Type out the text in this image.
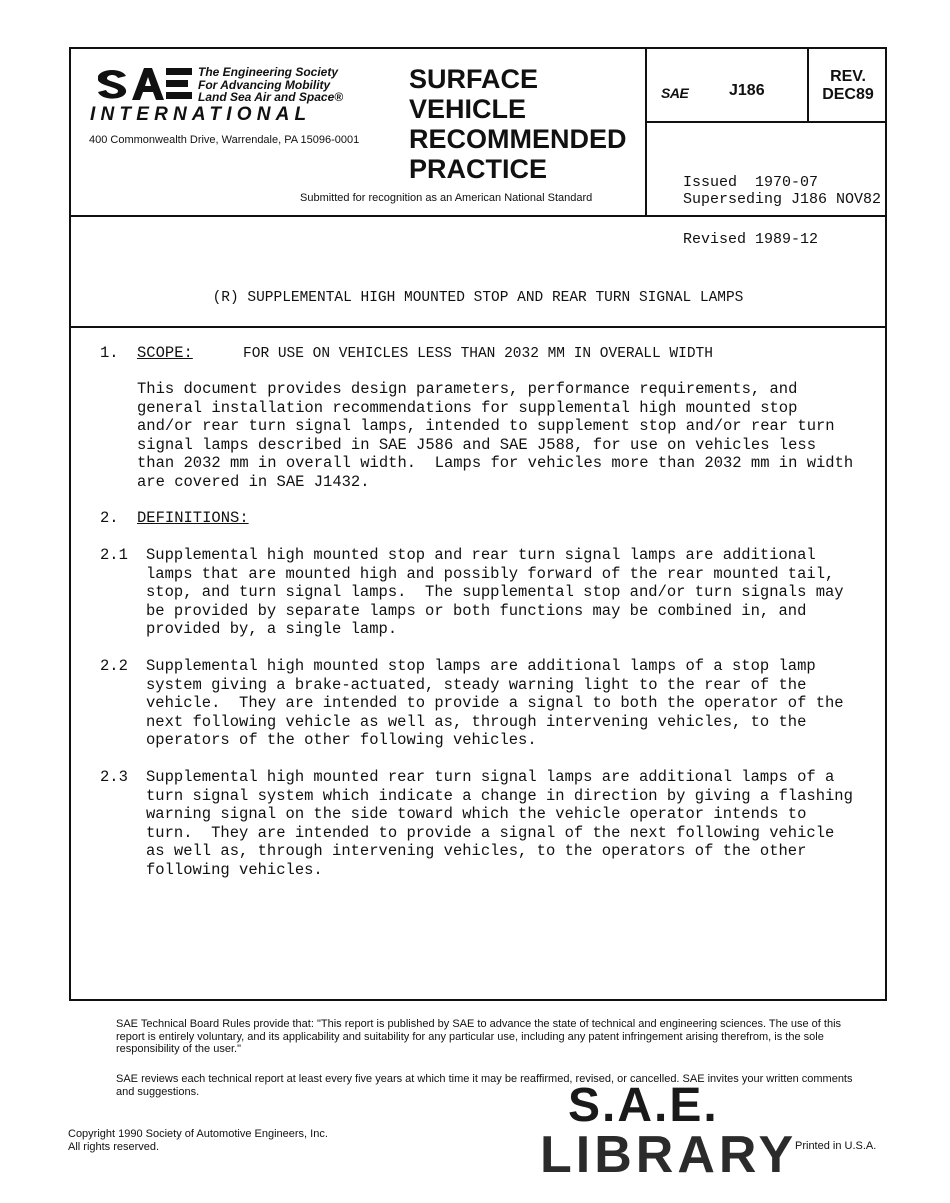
The Engineering Society
For Advancing Mobility
Land Sea Air and Space®
INTERNATIONAL
400 Commonwealth Drive, Warrendale, PA 15096-0001
SURFACE
VEHICLE
RECOMMENDED
PRACTICE
Submitted for recognition as an American National Standard
SAE	J186
REV.
DEC89

Issued  1970-07

Revised 1989-12

Superseding J186 NOV82

(R) SUPPLEMENTAL HIGH MOUNTED STOP AND REAR TURN SIGNAL LAMPS

FOR USE ON VEHICLES LESS THAN 2032 MM IN OVERALL WIDTH

1. SCOPE:
This document provides design parameters, performance requirements, and
general installation recommendations for supplemental high mounted stop
and/or rear turn signal lamps, intended to supplement stop and/or rear turn
signal lamps described in SAE J586 and SAE J588, for use on vehicles less
than 2032 mm in overall width.  Lamps for vehicles more than 2032 mm in width
are covered in SAE J1432.
2. DEFINITIONS:
2.1 Supplemental high mounted stop and rear turn signal lamps are additional
lamps that are mounted high and possibly forward of the rear mounted tail,
stop, and turn signal lamps.  The supplemental stop and/or turn signals may
be provided by separate lamps or both functions may be combined in, and
provided by, a single lamp.
2.2 Supplemental high mounted stop lamps are additional lamps of a stop lamp
system giving a brake-actuated, steady warning light to the rear of the
vehicle.  They are intended to provide a signal to both the operator of the
next following vehicle as well as, through intervening vehicles, to the
operators of the other following vehicles.
2.3 Supplemental high mounted rear turn signal lamps are additional lamps of a
turn signal system which indicate a change in direction by giving a flashing
warning signal on the side toward which the vehicle operator intends to
turn.  They are intended to provide a signal of the next following vehicle
as well as, through intervening vehicles, to the operators of the other
following vehicles.
SAE Technical Board Rules provide that: "This report is published by SAE to advance the state of technical and engineering sciences. The use of this report is entirely voluntary, and its applicability and suitability for any particular use, including any patent infringement arising therefrom, is the sole responsibility of the user."
SAE reviews each technical report at least every five years at which time it may be reaffirmed, revised, or cancelled. SAE invites your written comments and suggestions.
Copyright 1990 Society of Automotive Engineers, Inc.
All rights reserved.
S.A.E.
LIBRARY
Printed in U.S.A.
